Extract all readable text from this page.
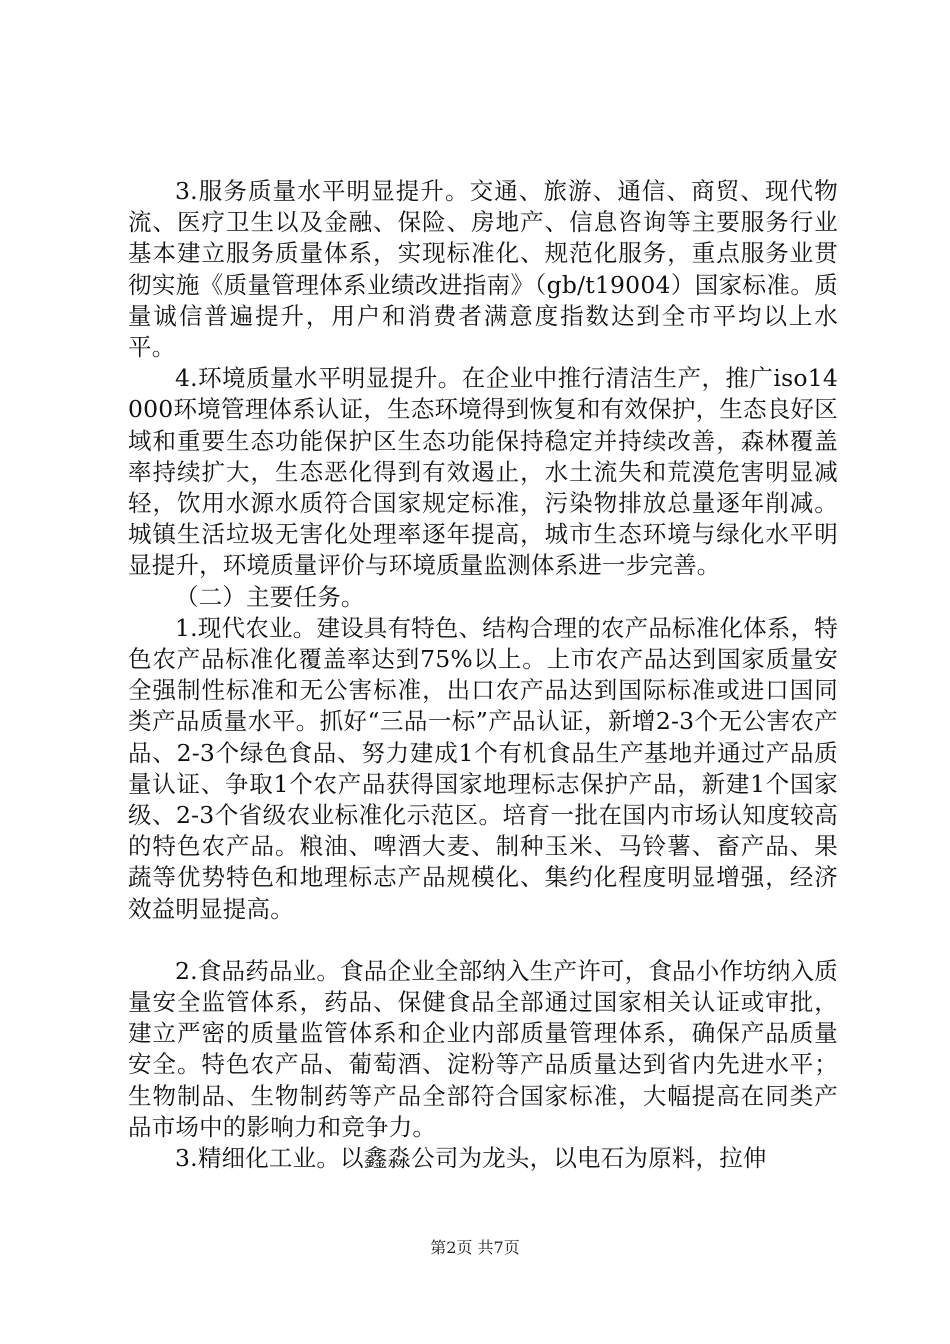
3.服务质量水平明显提升。交通、旅游、通信、商贸、现代物流、医疗卫生以及金融、保险、房地产、信息咨询等主要服务行业基本建立服务质量体系，实现标准化、规范化服务，重点服务业贯彻实施《质量管理体系业绩改进指南》（gb/t19004）国家标准。质量诚信普遍提升，用户和消费者满意度指数达到全市平均以上水平。

4.环境质量水平明显提升。在企业中推行清洁生产，推广iso14000环境管理体系认证，生态环境得到恢复和有效保护，生态良好区域和重要生态功能保护区生态功能保持稳定并持续改善，森林覆盖率持续扩大，生态恶化得到有效遏止，水土流失和荒漠危害明显减轻，饮用水源水质符合国家规定标准，污染物排放总量逐年削减。城镇生活垃圾无害化处理率逐年提高，城市生态环境与绿化水平明显提升，环境质量评价与环境质量监测体系进一步完善。

（二）主要任务。

1.现代农业。建设具有特色、结构合理的农产品标准化体系，特色农产品标准化覆盖率达到75%以上。上市农产品达到国家质量安全强制性标准和无公害标准，出口农产品达到国际标准或进口国同类产品质量水平。抓好“三品一标”产品认证，新增2-3个无公害农产品、2-3个绿色食品、努力建成1个有机食品生产基地并通过产品质量认证、争取1个农产品获得国家地理标志保护产品，新建1个国家级、2-3个省级农业标准化示范区。培育一批在国内市场认知度较高的特色农产品。粮油、啤酒大麦、制种玉米、马铃薯、畜产品、果蔬等优势特色和地理标志产品规模化、集约化程度明显增强，经济效益明显提高。

2.食品药品业。食品企业全部纳入生产许可，食品小作坊纳入质量安全监管体系，药品、保健食品全部通过国家相关认证或审批，建立严密的质量监管体系和企业内部质量管理体系，确保产品质量安全。特色农产品、葡萄酒、淀粉等产品质量达到省内先进水平；生物制品、生物制药等产品全部符合国家标准，大幅提高在同类产品市场中的影响力和竞争力。

3.精细化工业。以鑫淼公司为龙头，以电石为原料，拉伸

第2页 共7页
